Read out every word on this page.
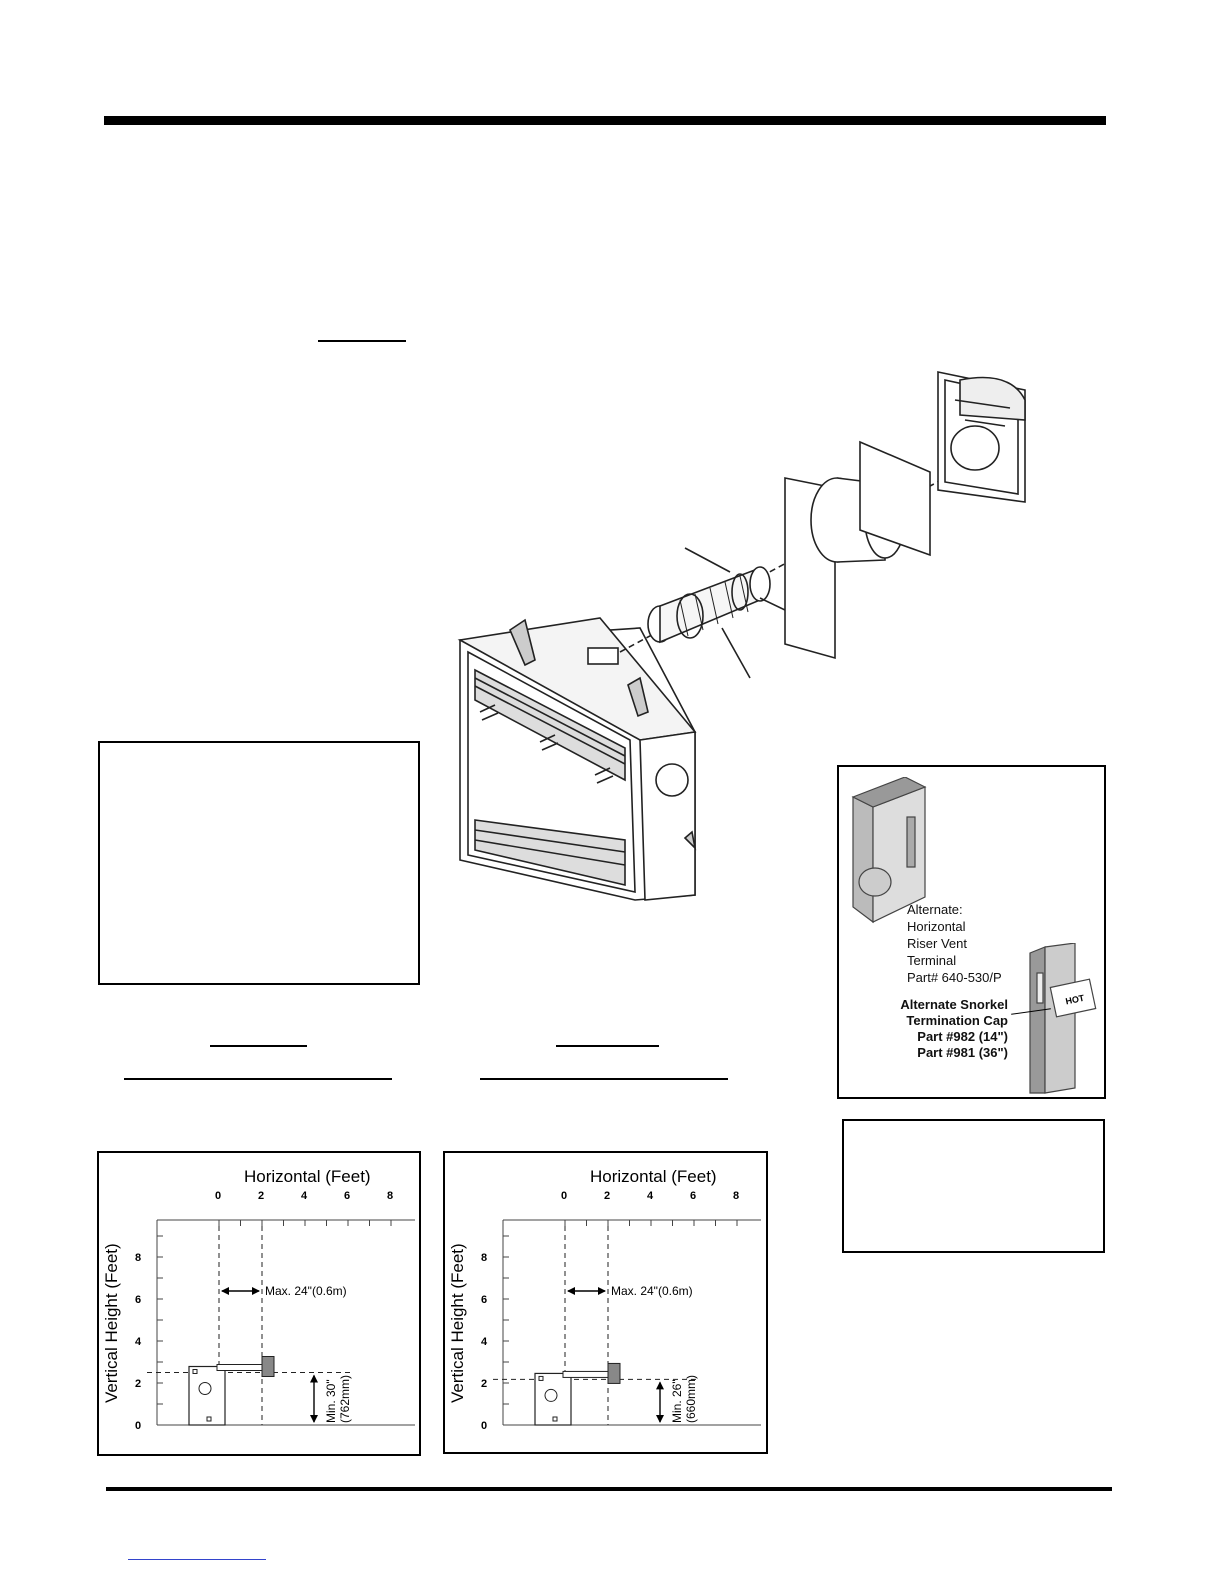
Alternate:
Horizontal
Riser Vent
Terminal
Part# 640-530/P
HOT
Alternate Snorkel
Termination Cap
Part #982 (14")
Part #981 (36")
Horizontal (Feet)
Vertical Height (Feet)
0	2	4	6	8
8
6
4
2
0
Max. 24"(0.6m)
Min. 30" (762mm)
Horizontal (Feet)
Vertical Height (Feet)
0	2	4	6	8
8
6
4
2
0
Max. 24"(0.6m)
Min. 26" (660mm)
